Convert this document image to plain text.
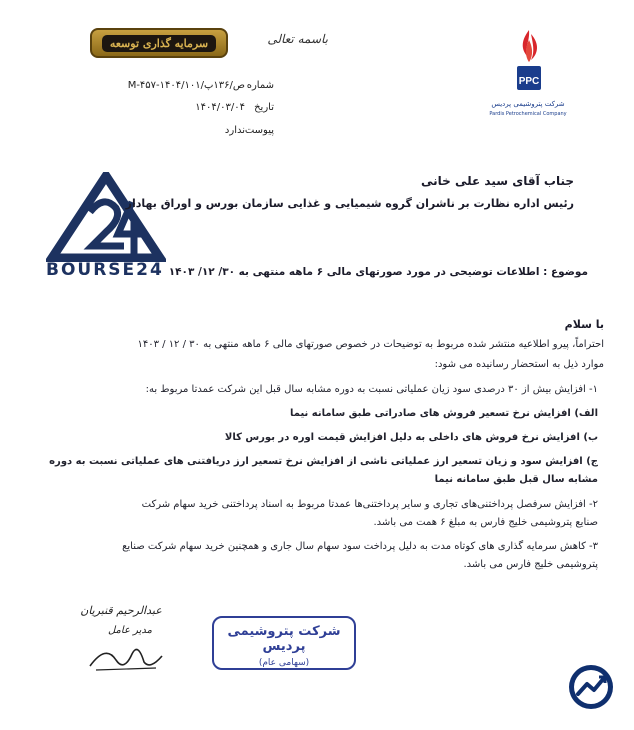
باسمه تعالی
سرمایه گذاری توسعه
شماره
M-۴۵۷-۱۴۰۴/۱۰۱/ص/۱۳۶پ
تاریخ
۱۴۰۴/۰۳/۰۴
پیوست
ندارد
PPC
شرکت پتروشیمی پردیس
Pardis Petrochemical Company
BOURSE24
جناب آقای سید علی خانی
رئیس اداره نظارت بر ناشران گروه شیمیایی و غذایی سازمان بورس و اوراق بهادار
موضوع : اطلاعات توضیحی در مورد صورتهای مالی ۶ ماهه منتهی به ۳۰/ ۱۲/ ۱۴۰۳
با سلام
احتراماً، پیرو اطلاعیه منتشر شده مربوط به توضیحات در خصوص صورتهای مالی ۶ ماهه منتهی به ۳۰ / ۱۲ / ۱۴۰۳
موارد ذیل به استحضار رسانیده می شود:
۱- افزایش بیش از ۳۰ درصدی سود زیان عملیاتی نسبت به دوره مشابه سال قبل این شرکت عمدتا مربوط به:
الف) افزایش نرخ تسعیر فروش های صادراتی طبق سامانه نیما
ب) افزایش نرخ فروش های داخلی به دلیل افزایش قیمت اوره در بورس کالا
ج) افزایش سود و زیان تسعیر ارز عملیاتی ناشی از افزایش نرخ تسعیر ارز دریافتنی های عملیاتی نسبت به دوره
مشابه سال قبل طبق سامانه نیما
۲- افزایش سرفصل پرداختنی‌های تجاری و سایر پرداختنی‌ها عمدتا مربوط به اسناد پرداختنی خرید سهام شرکت
صنایع پتروشیمی خلیج فارس به مبلغ ۶ همت می باشد.
۳- کاهش سرمایه گذاری های کوتاه مدت به دلیل پرداخت سود سهام سال جاری و همچنین خرید سهام شرکت صنایع
پتروشیمی خلیج فارس می باشد.
عبدالرحیم قنبریان
مدیر عامل	شرکت پتروشیمی پردیس
(سهامی عام)
